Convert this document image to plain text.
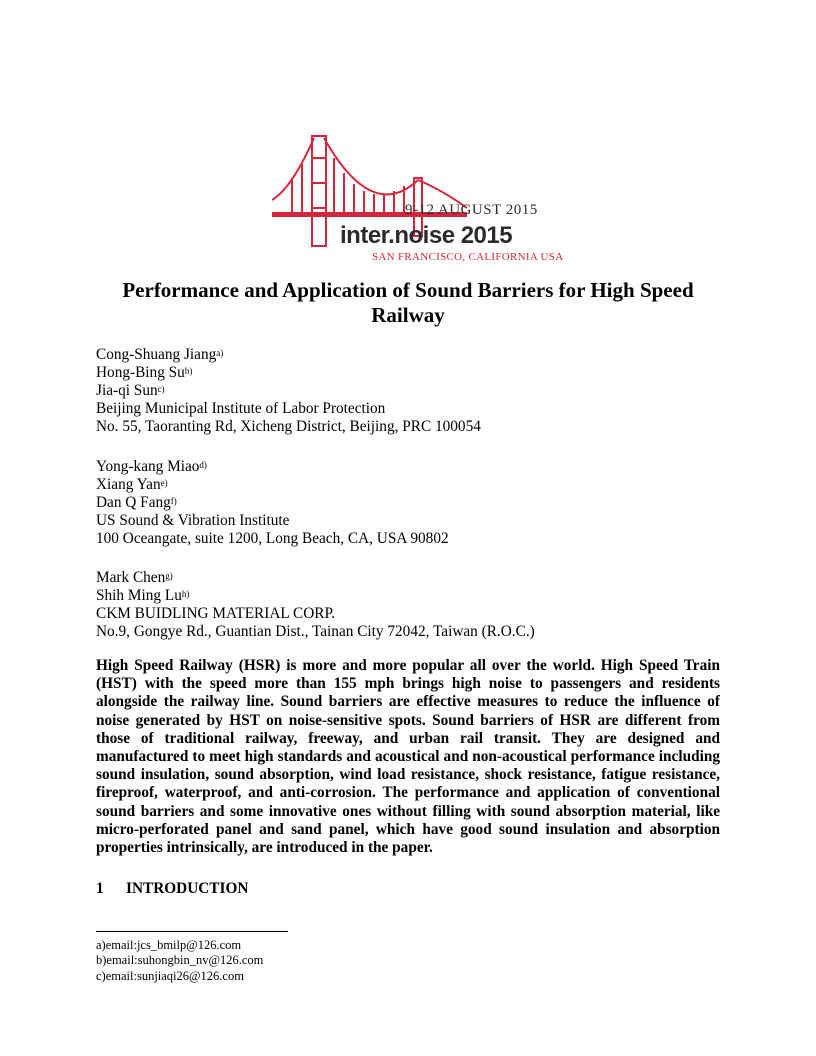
9-12 AUGUST 2015
inter.noise 2015
SAN FRANCISCO, CALIFORNIA USA
Performance and Application of Sound Barriers for High Speed Railway
Cong-Shuang Jiang$^{a)}$
Hong-Bing Su$^{b)}$
Jia-qi Sun$^{c)}$
Beijing Municipal Institute of Labor Protection
No. 55, Taoranting Rd, Xicheng District, Beijing, PRC 100054
Yong-kang Miao$^{d)}$
Xiang Yan$^{e)}$
Dan Q Fang$^{f)}$
US Sound & Vibration Institute
100 Oceangate, suite 1200, Long Beach, CA, USA 90802
Mark Chen$^{g)}$
Shih Ming Lu$^{h)}$
CKM BUIDLING MATERIAL CORP.
No.9, Gongye Rd., Guantian Dist., Tainan City 72042, Taiwan (R.O.C.)
High Speed Railway (HSR) is more and more popular all over the world. High Speed Train (HST) with the speed more than 155 mph brings high noise to passengers and residents alongside the railway line. Sound barriers are effective measures to reduce the influence of noise generated by HST on noise-sensitive spots. Sound barriers of HSR are different from those of traditional railway, freeway, and urban rail transit. They are designed and manufactured to meet high standards and acoustical and non-acoustical performance including sound insulation, sound absorption, wind load resistance, shock resistance, fatigue resistance, fireproof, waterproof, and anti-corrosion. The performance and application of conventional sound barriers and some innovative ones without filling with sound absorption material, like micro-perforated panel and sand panel, which have good sound insulation and absorption properties intrinsically, are introduced in the paper.
1 INTRODUCTION
a)email:jcs_bmilp@126.com
b)email:suhongbin_nv@126.com
c)email:sunjiaqi26@126.com
